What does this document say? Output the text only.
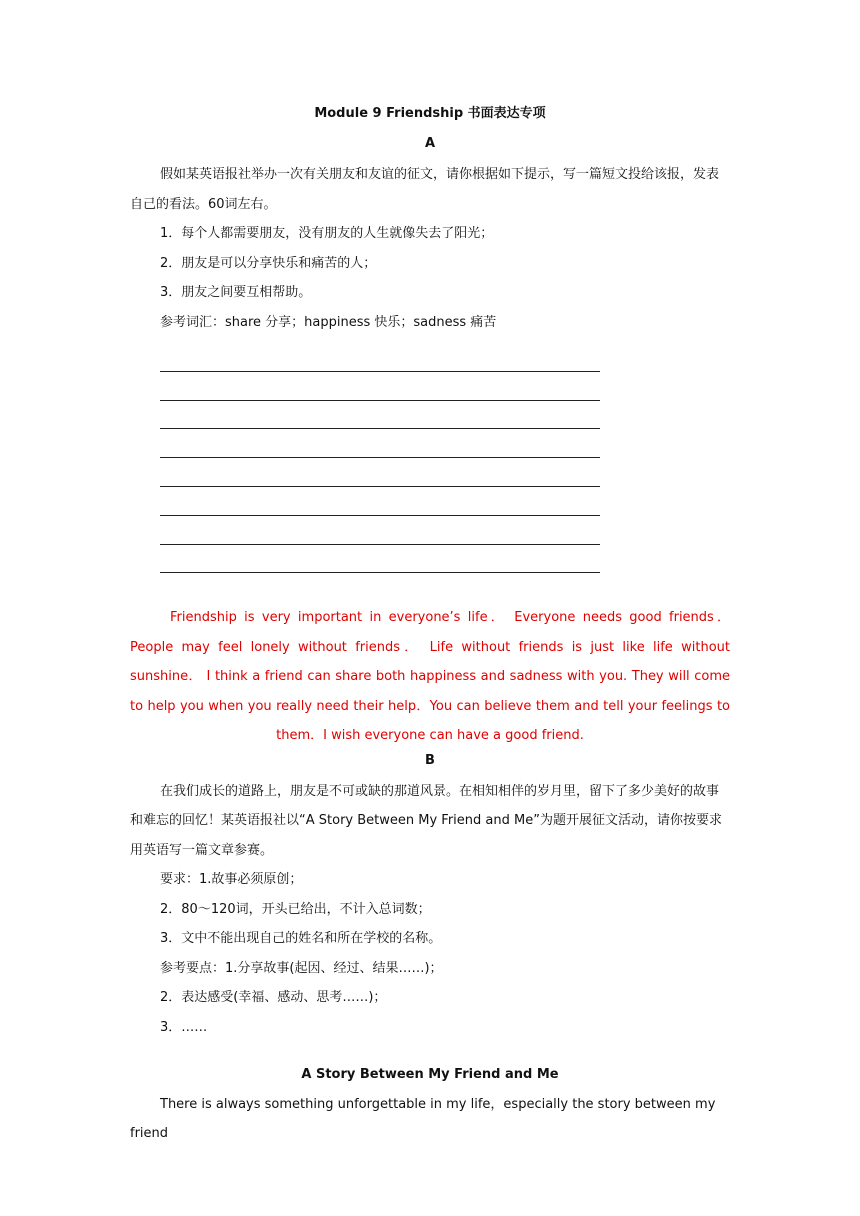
Module 9 Friendship 书面表达专项
A

假如某英语报社举办一次有关朋友和友谊的征文，请你根据如下提示，写一篇短文投给该报，发表自己的看法。60词左右。

1．每个人都需要朋友，没有朋友的人生就像失去了阳光；

2．朋友是可以分享快乐和痛苦的人；

3．朋友之间要互相帮助。

参考词汇：share 分享；happiness 快乐；sadness 痛苦

Friendship is very important in everyone’s life． Everyone needs good friends． People may feel lonely without friends． Life without friends is just like life without sunshine． I think a friend can share both happiness and sadness with you. They will come to help you when you really need their help．You can believe them and tell your feelings to them．I wish everyone can have a good friend.

B

在我们成长的道路上，朋友是不可或缺的那道风景。在相知相伴的岁月里，留下了多少美好的故事和难忘的回忆！某英语报社以“A Story Between My Friend and Me”为题开展征文活动，请你按要求用英语写一篇文章参赛。

要求：1.故事必须原创；

2．80～120词，开头已给出，不计入总词数；

3．文中不能出现自己的姓名和所在学校的名称。

参考要点：1.分享故事(起因、经过、结果……)；

2．表达感受(幸福、感动、思考……)；

3．……

A Story Between My Friend and Me

There is always something unforgettable in my life，especially the story between my friend
